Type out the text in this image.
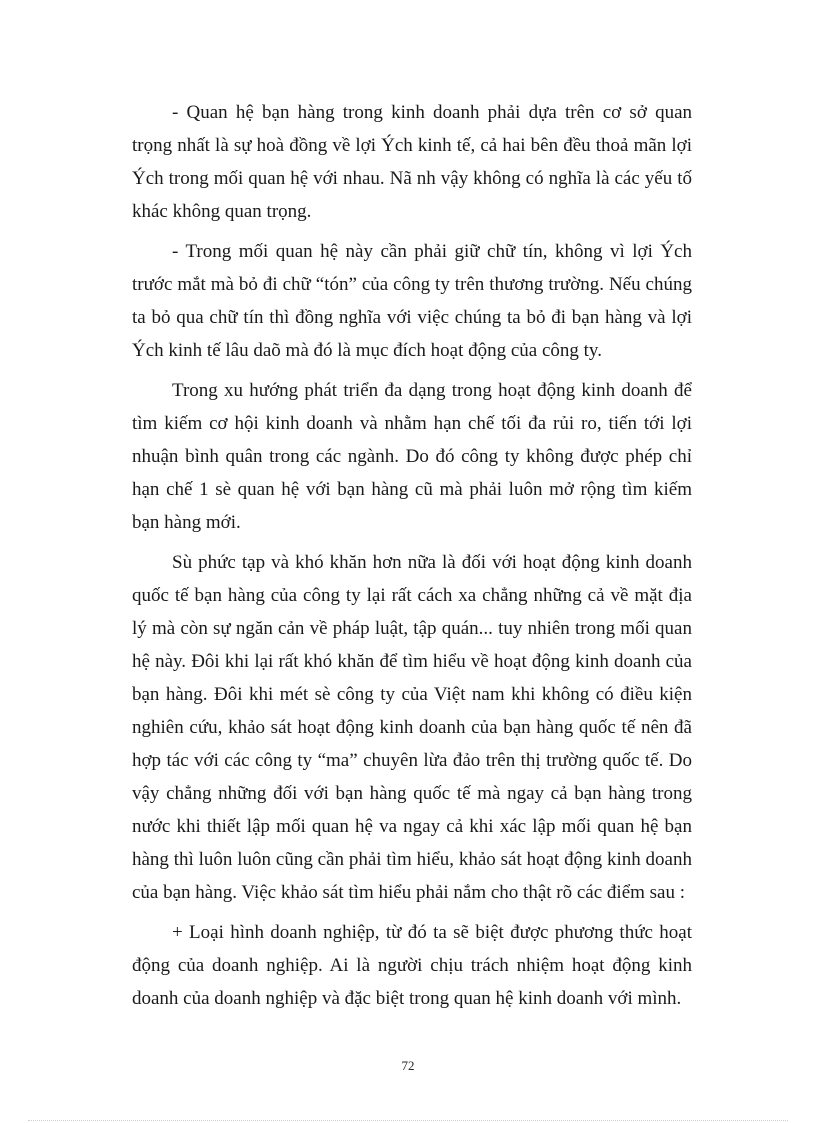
- Quan hệ bạn hàng trong kinh doanh phải dựa trên cơ sở quan trọng nhất là sự hoà đồng về lợi Ých kinh tế, cả hai bên đều thoả mãn lợi Ých trong mối quan hệ với nhau. Nã nh vậy không có nghĩa là các yếu tố khác không quan trọng.

- Trong mối quan hệ này cần phải giữ chữ tín, không vì lợi Ých trước mắt mà bỏ đi chữ “tón” của công ty trên thương trường. Nếu chúng ta bỏ qua chữ tín thì đồng nghĩa với việc chúng ta bỏ đi bạn hàng và lợi Ých kinh tế lâu daõ mà đó là mục đích hoạt động của công ty.

Trong xu hướng phát triển đa dạng trong hoạt động kinh doanh để tìm kiếm cơ hội kinh doanh và nhằm hạn chế tối đa rủi ro, tiến tới lợi nhuận bình quân trong các ngành. Do đó công ty không được phép chỉ hạn chế 1 sè quan hệ với bạn hàng cũ mà phải luôn mở rộng tìm kiếm bạn hàng mới.

Sù phức tạp và khó khăn hơn nữa là đối với hoạt động kinh doanh quốc tế bạn hàng của công ty lại rất cách xa chẳng những cả về mặt địa lý mà còn sự ngăn cản về pháp luật, tập quán... tuy nhiên trong mối quan hệ này. Đôi khi lại rất khó khăn để tìm hiểu về hoạt động kinh doanh của bạn hàng. Đôi khi mét sè công ty của Việt nam khi không có điều kiện nghiên cứu, khảo sát hoạt động kinh doanh của bạn hàng quốc tế nên đã hợp tác với các công ty “ma” chuyên lừa đảo trên thị trường quốc tế. Do vậy chẳng những đối với bạn hàng quốc tế mà ngay cả bạn hàng trong nước khi thiết lập mối quan hệ va ngay cả khi xác lập mối quan hệ bạn hàng thì luôn luôn cũng cần phải tìm hiểu, khảo sát hoạt động kinh doanh của bạn hàng. Việc khảo sát tìm hiểu phải nắm cho thật rõ các điểm sau :

+ Loại hình doanh nghiệp, từ đó ta sẽ biệt được phương thức hoạt động của doanh nghiệp. Ai là người chịu trách nhiệm hoạt động kinh doanh của doanh nghiệp và đặc biệt trong quan hệ kinh doanh với mình.

72
